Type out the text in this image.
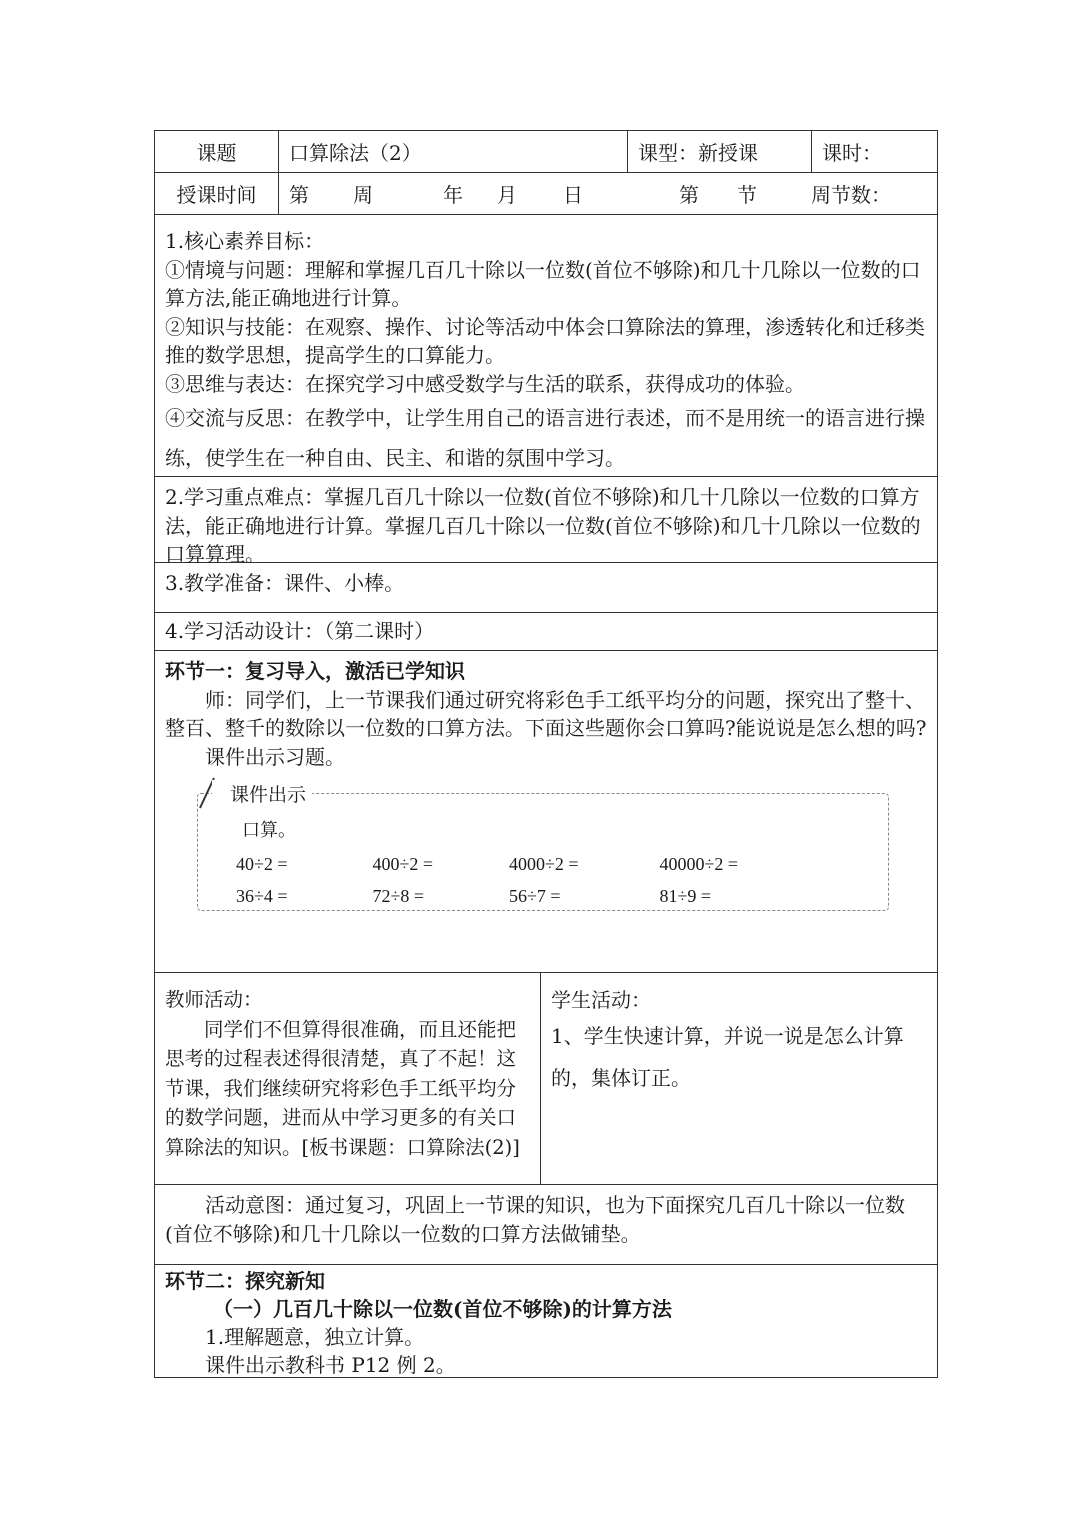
课题	口算除法（2）	课型：新授课	课时：
授课时间	第	周	年	月	日	第	节	周节数：

1.核心素养目标：

①情境与问题：理解和掌握几百几十除以一位数(首位不够除)和几十几除以一位数的口算方法,能正确地进行计算。

②知识与技能：在观察、操作、讨论等活动中体会口算除法的算理，渗透转化和迁移类推的数学思想，提高学生的口算能力。

③思维与表达：在探究学习中感受数学与生活的联系，获得成功的体验。

④交流与反思：在教学中，让学生用自己的语言进行表述，而不是用统一的语言进行操练，使学生在一种自由、民主、和谐的氛围中学习。

2.学习重点难点：掌握几百几十除以一位数(首位不够除)和几十几除以一位数的口算方法，能正确地进行计算。掌握几百几十除以一位数(首位不够除)和几十几除以一位数的口算算理。
3.教学准备：课件、小棒。
4.学习活动设计：（第二课时）

环节一：复习导入，激活已学知识

师：同学们，上一节课我们通过研究将彩色手工纸平均分的问题，探究出了整十、整百、整千的数除以一位数的口算方法。下面这些题你会口算吗?能说说是怎么想的吗?

课件出示习题。

课件出示
口算。
40÷2 =	400÷2 =	4000÷2 =	40000÷2 =
36÷4 =	72÷8 =	56÷7 =	81÷9 =

教师活动：

同学们不但算得很准确，而且还能把思考的过程表述得很清楚，真了不起！这节课，我们继续研究将彩色手工纸平均分的数学问题，进而从中学习更多的有关口算除法的知识。[板书课题：口算除法(2)]

学生活动：

1、学生快速计算，并说一说是怎么计算的，集体订正。

活动意图：通过复习，巩固上一节课的知识，也为下面探究几百几十除以一位数(首位不够除)和几十几除以一位数的口算方法做铺垫。

环节二：探究新知

（一）几百几十除以一位数(首位不够除)的计算方法

1.理解题意，独立计算。

课件出示教科书 P12 例 2。
